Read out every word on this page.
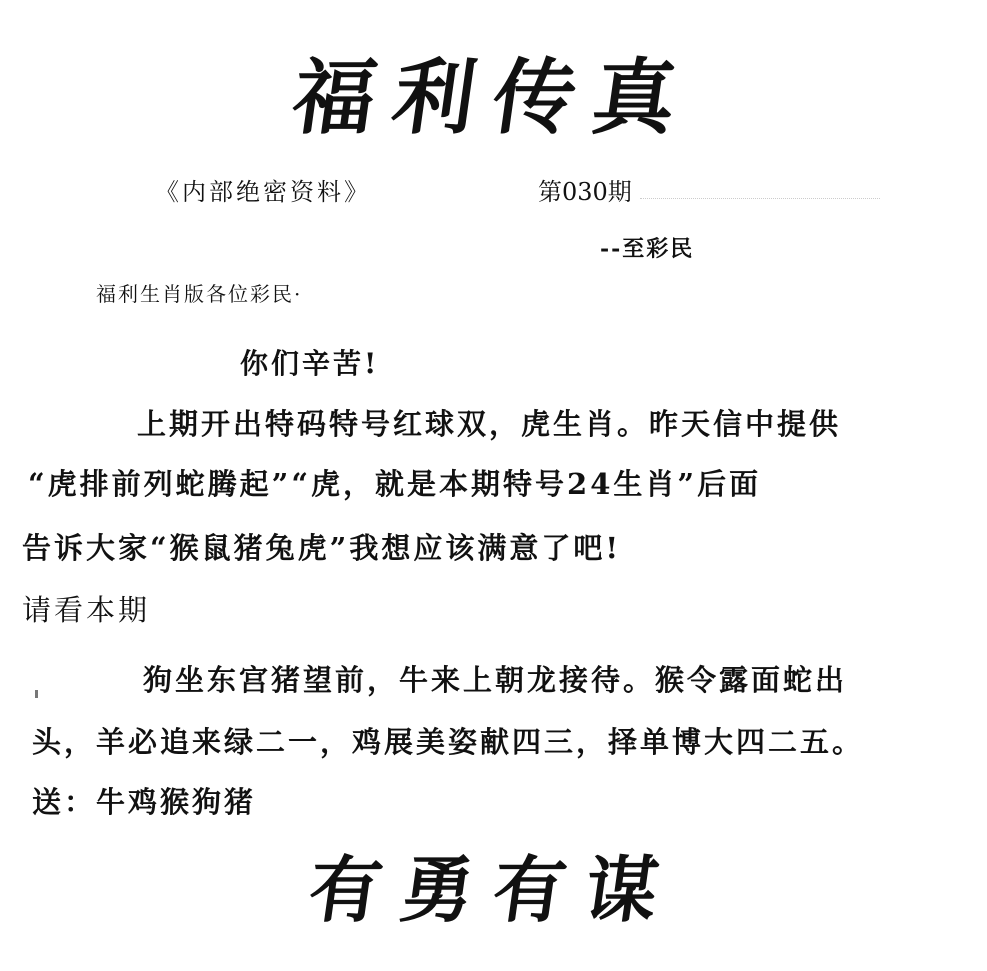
福利传真
《内部绝密资料》	第030期
--至彩民
福利生肖版各位彩民·
你们辛苦!
上期开出特码特号红球双，虎生肖。昨天信中提供
“虎排前列蛇腾起”“虎，就是本期特号24生肖”后面
告诉大家“猴鼠猪兔虎”我想应该满意了吧!
请看本期
狗坐东宫猪望前，牛来上朝龙接待。猴令露面蛇出
头，羊必追来绿二一，鸡展美姿献四三，择单博大四二五。
送：牛鸡猴狗猪
有勇有谋
